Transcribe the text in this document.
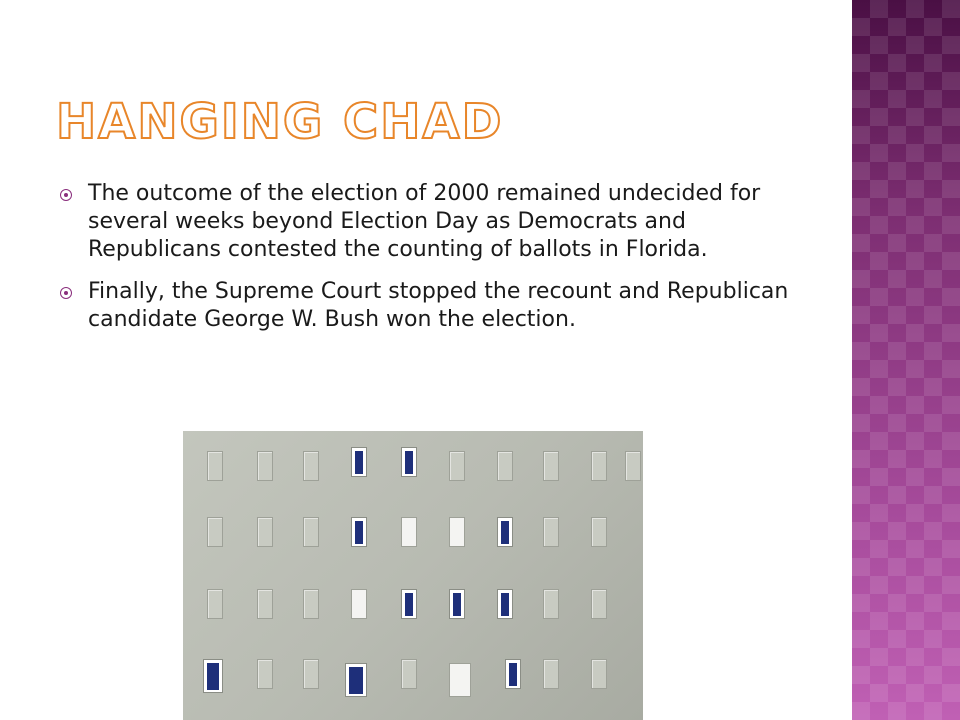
HANGING CHAD
The outcome of the election of 2000 remained undecided for several weeks beyond Election Day as Democrats and Republicans contested the counting of ballots in Florida.
Finally, the Supreme Court stopped the recount and Republican candidate George W. Bush won the election.
